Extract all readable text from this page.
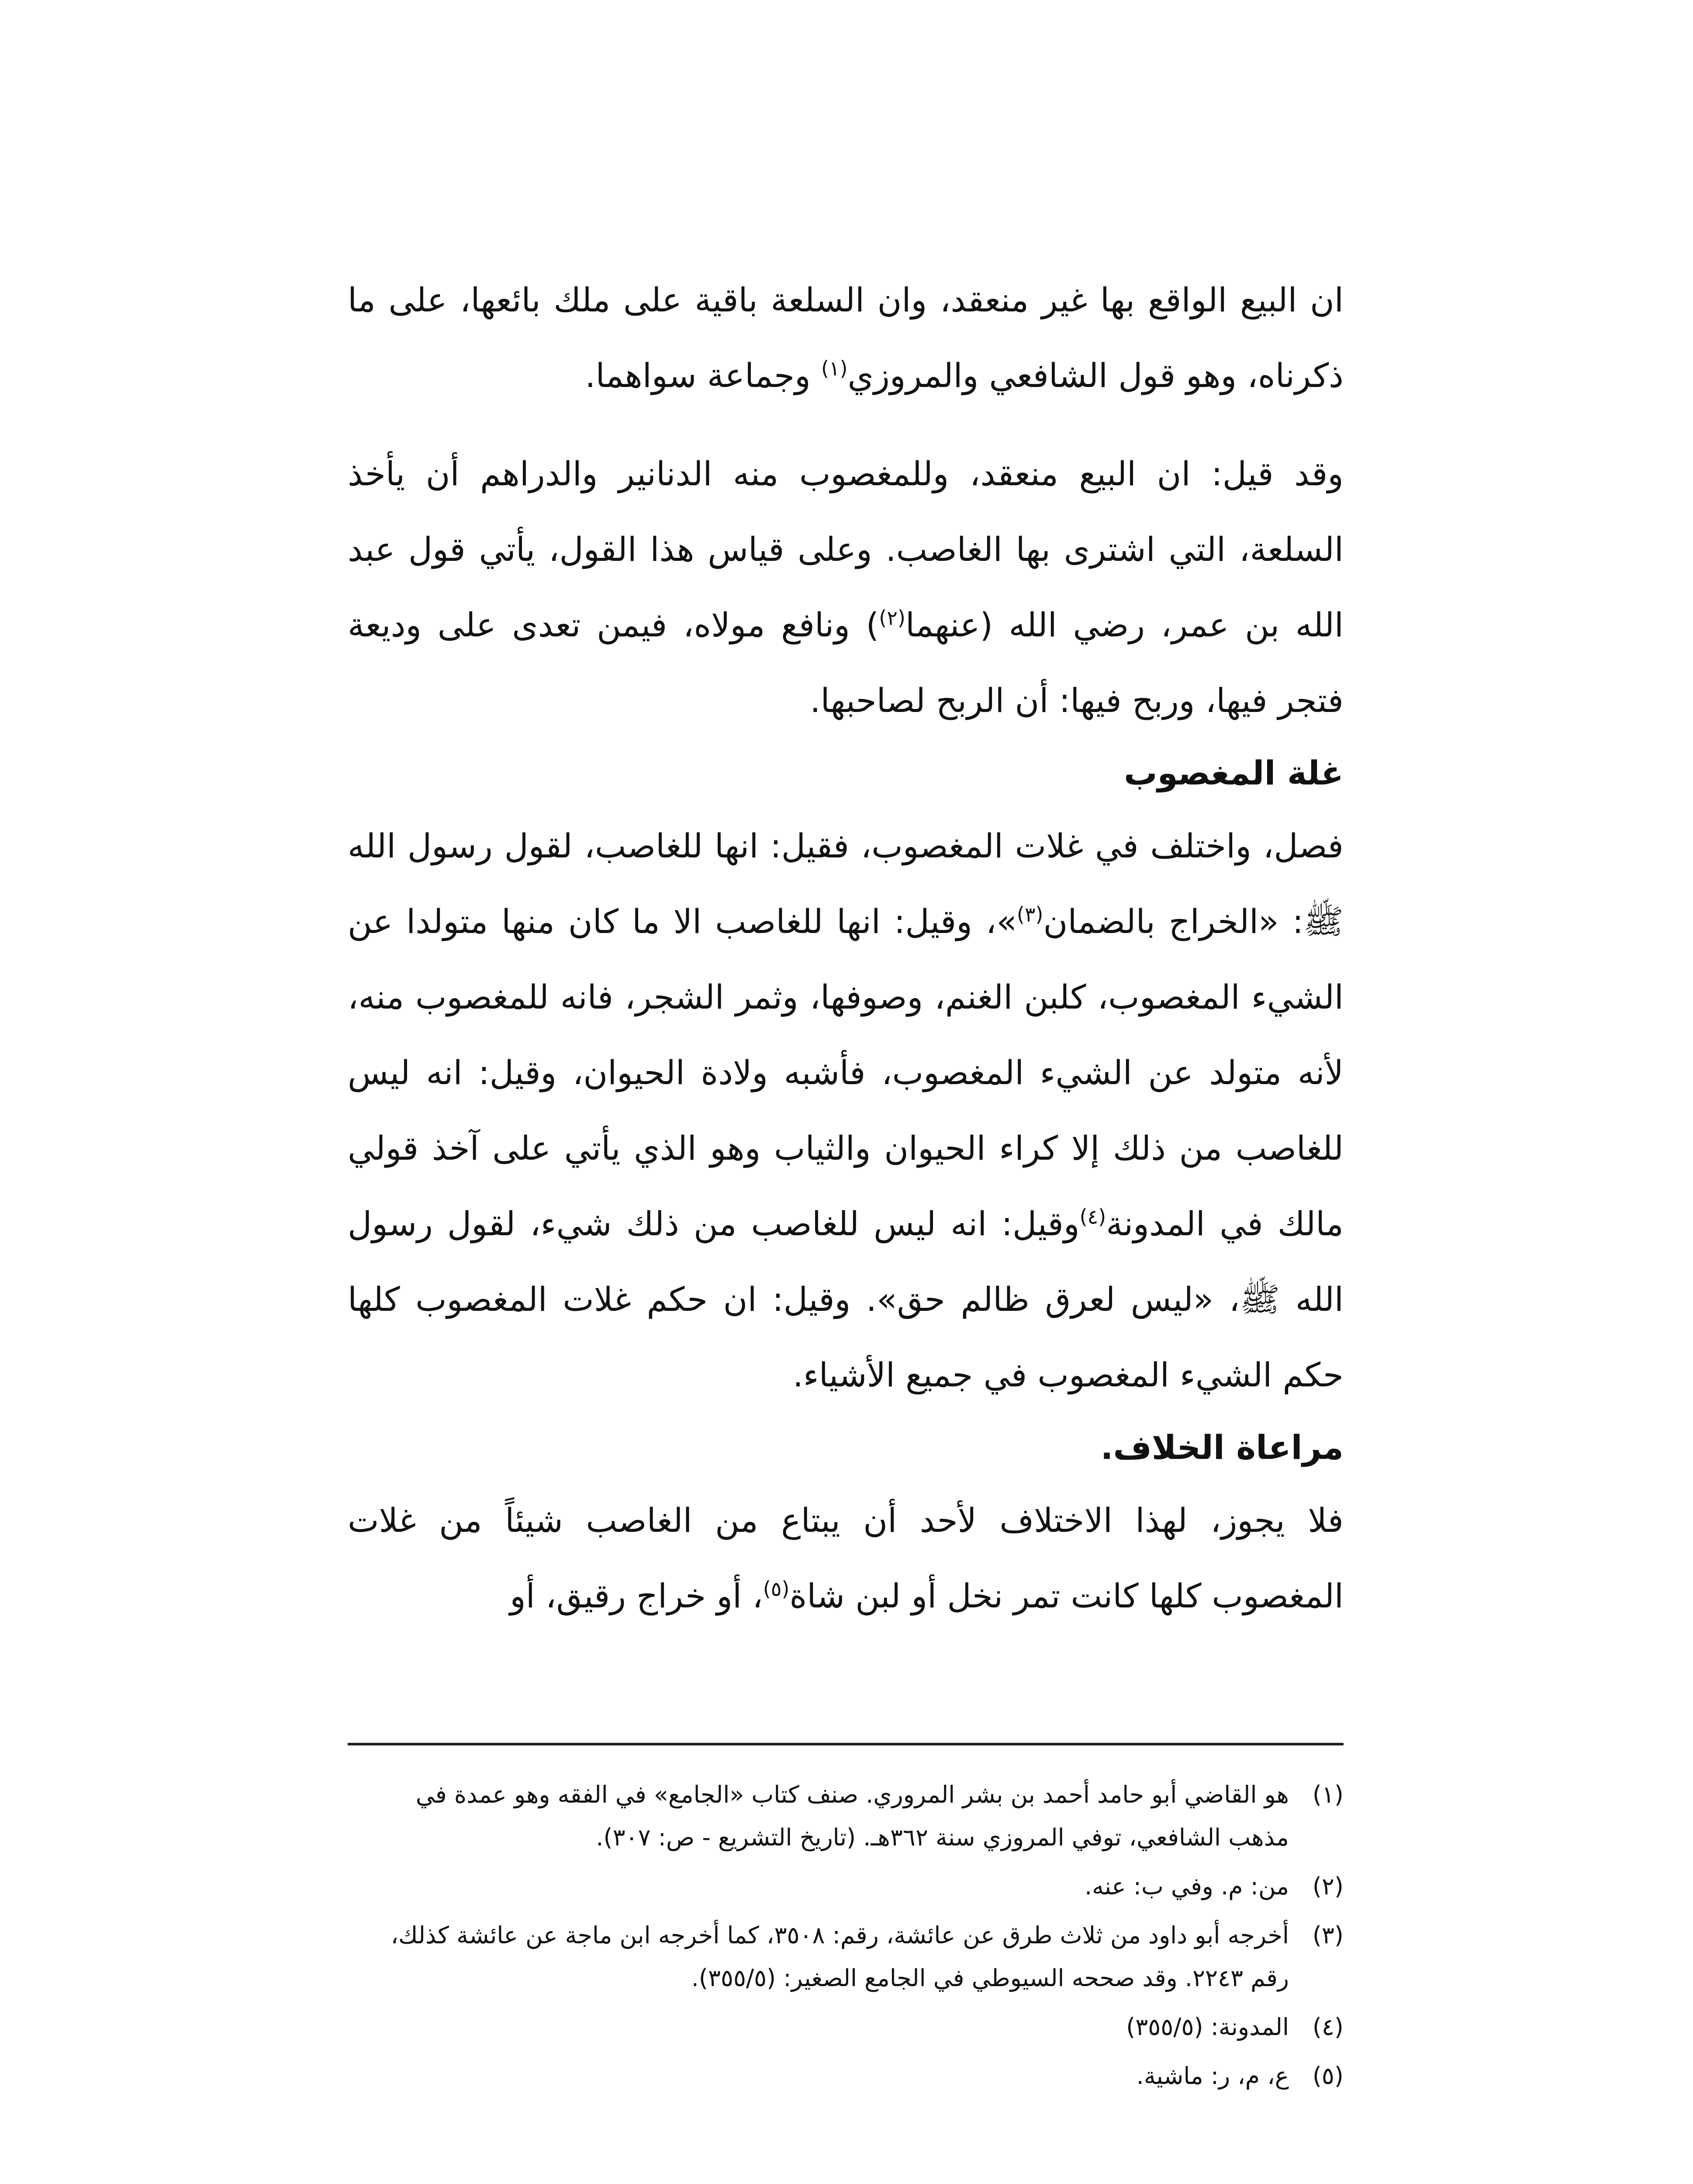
ان البيع الواقع بها غير منعقد، وان السلعة باقية على ملك بائعها، على ما ذكرناه، وهو قول الشافعي والمروزي$^{(١)}$ وجماعة سواهما.

وقد قيل: ان البيع منعقد، وللمغصوب منه الدنانير والدراهم أن يأخذ السلعة، التي اشترى بها الغاصب. وعلى قياس هذا القول، يأتي قول عبد الله بن عمر، رضي الله (عنهما$^{(٢)}$) ونافع مولاه، فيمن تعدى على وديعة فتجر فيها، وربح فيها: أن الربح لصاحبها.

غلة المغصوب

فصل، واختلف في غلات المغصوب، فقيل: انها للغاصب، لقول رسول الله ﷺ: «الخراج بالضمان$^{(٣)}$»، وقيل: انها للغاصب الا ما كان منها متولدا عن الشيء المغصوب، كلبن الغنم، وصوفها، وثمر الشجر، فانه للمغصوب منه، لأنه متولد عن الشيء المغصوب، فأشبه ولادة الحيوان، وقيل: انه ليس للغاصب من ذلك إلا كراء الحيوان والثياب وهو الذي يأتي على آخذ قولي مالك في المدونة$^{(٤)}$وقيل: انه ليس للغاصب من ذلك شيء، لقول رسول الله ﷺ، «ليس لعرق ظالم حق». وقيل: ان حكم غلات المغصوب كلها حكم الشيء المغصوب في جميع الأشياء.

مراعاة الخلاف.

فلا يجوز، لهذا الاختلاف لأحد أن يبتاع من الغاصب شيئاً من غلات المغصوب كلها كانت تمر نخل أو لبن شاة$^{(٥)}$، أو خراج رقيق، أو

(١)
هو القاضي أبو حامد أحمد بن بشر المروري. صنف كتاب «الجامع» في الفقه وهو عمدة في مذهب الشافعي، توفي المروزي سنة ٣٦٢هـ. (تاريخ التشريع - ص: ٣٠٧).
(٢)
من: م. وفي ب: عنه.
(٣)
أخرجه أبو داود من ثلاث طرق عن عائشة، رقم: ٣٥٠٨، كما أخرجه ابن ماجة عن عائشة كذلك، رقم ٢٢٤٣. وقد صححه السيوطي في الجامع الصغير: (٣٥٥/٥).
(٤)
المدونة: (٣٥٥/٥)
(٥)
ع، م، ر: ماشية.
